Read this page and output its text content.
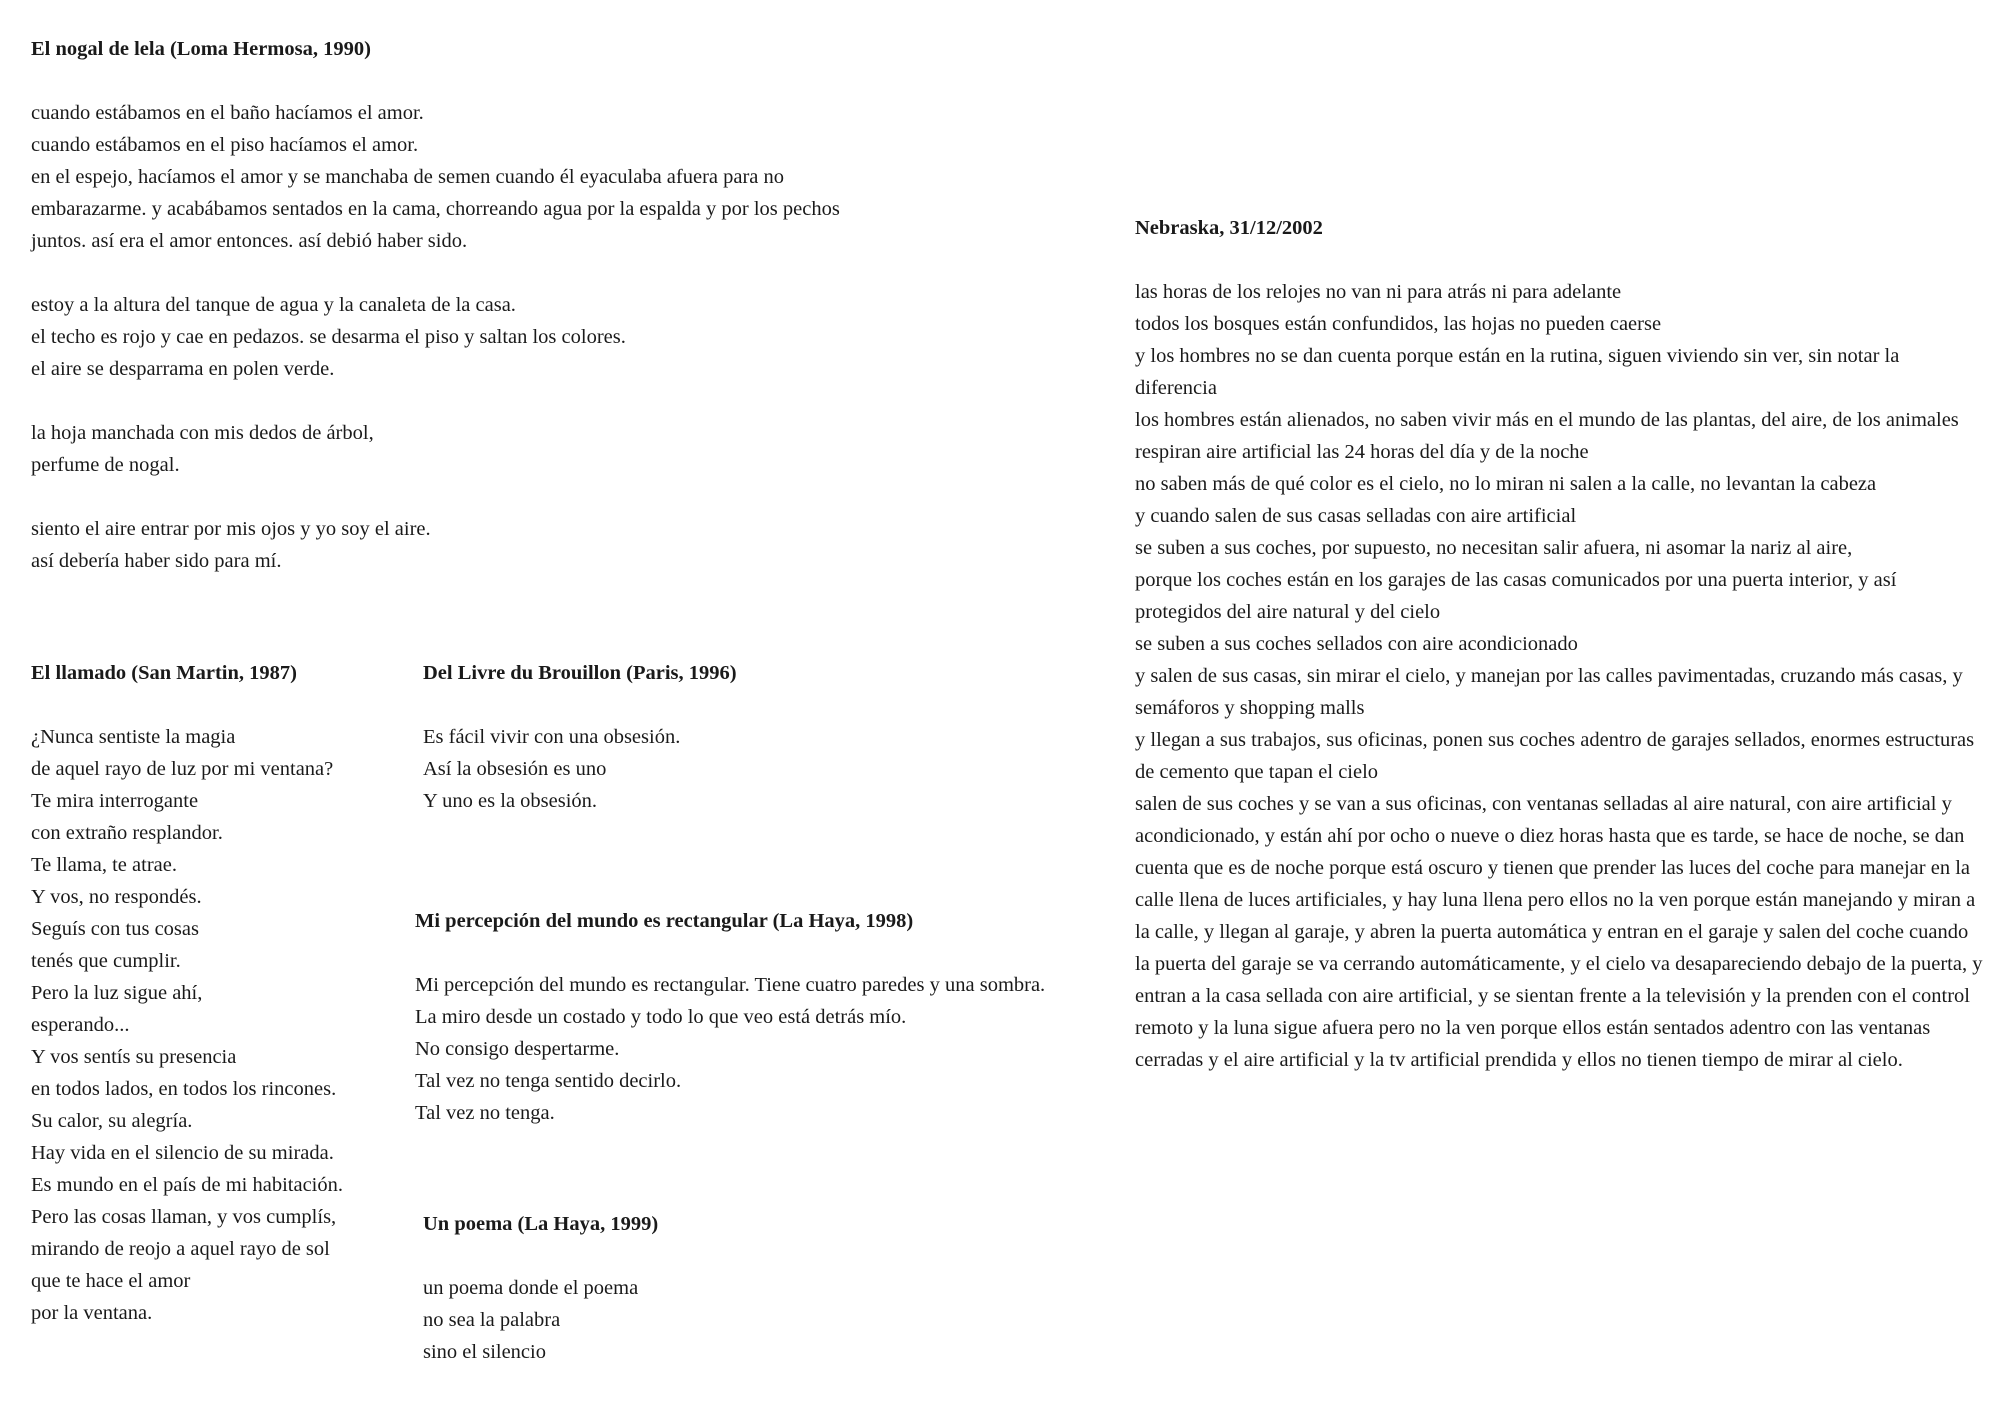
El nogal de lela (Loma Hermosa, 1990)
cuando estábamos en el baño hacíamos el amor.
cuando estábamos en el piso hacíamos el amor.
en el espejo, hacíamos el amor y se manchaba de semen cuando él eyaculaba afuera para no
embarazarme. y acabábamos sentados en la cama, chorreando agua por la espalda y por los pechos
juntos. así era el amor entonces. así debió haber sido.
estoy a la altura del tanque de agua y la canaleta de la casa.
el techo es rojo y cae en pedazos. se desarma el piso y saltan los colores.
el aire se desparrama en polen verde.
la hoja manchada con mis dedos de árbol,
perfume de nogal.
siento el aire entrar por mis ojos y yo soy el aire.
así debería haber sido para mí.
Nebraska, 31/12/2002
las horas de los relojes no van ni para atrás ni para adelante
todos los bosques están confundidos, las hojas no pueden caerse
y los hombres no se dan cuenta porque están en la rutina, siguen viviendo sin ver, sin notar la diferencia
los hombres están alienados, no saben vivir más en el mundo de las plantas, del aire, de los animales
respiran aire artificial las 24 horas del día y de la noche
no saben más de qué color es el cielo, no lo miran ni salen a la calle, no levantan la cabeza
y cuando salen de sus casas selladas con aire artificial
se suben a sus coches, por supuesto, no necesitan salir afuera, ni asomar la nariz al aire,
porque los coches están en los garajes de las casas comunicados por una puerta interior, y así protegidos del aire natural y del cielo
se suben a sus coches sellados con aire acondicionado
y salen de sus casas, sin mirar el cielo, y manejan por las calles pavimentadas, cruzando más casas, y semáforos y shopping malls
y llegan a sus trabajos, sus oficinas, ponen sus coches adentro de garajes sellados, enormes estructuras de cemento que tapan el cielo
salen de sus coches y se van a sus oficinas, con ventanas selladas al aire natural, con aire artificial y acondicionado, y están ahí por ocho o nueve o diez horas hasta que es tarde, se hace de noche, se dan cuenta que es de noche porque está oscuro y tienen que prender las luces del coche para manejar en la calle llena de luces artificiales, y hay luna llena pero ellos no la ven porque están manejando y miran a la calle, y llegan al garaje, y abren la puerta automática y entran en el garaje y salen del coche cuando la puerta del garaje se va cerrando automáticamente, y el cielo va desapareciendo debajo de la puerta, y entran a la casa sellada con aire artificial, y se sientan frente a la televisión y la prenden con el control remoto y la luna sigue afuera pero no la ven porque ellos están sentados adentro con las ventanas cerradas y el aire artificial y la tv artificial prendida y ellos no tienen tiempo de mirar al cielo.
El llamado (San Martin, 1987)
¿Nunca sentiste la magia
de aquel rayo de luz por mi ventana?
Te mira interrogante
con extraño resplandor.
Te llama, te atrae.
Y vos, no respondés.
Seguís con tus cosas
tenés que cumplir.
Pero la luz sigue ahí,
esperando...
Y vos sentís su presencia
en todos lados, en todos los rincones.
Su calor, su alegría.
Hay vida en el silencio de su mirada.
Es mundo en el país de mi habitación.
Pero las cosas llaman, y vos cumplís,
mirando de reojo a aquel rayo de sol
que te hace el amor
por la ventana.
Del Livre du Brouillon (Paris, 1996)
Es fácil vivir con una obsesión.
Así la obsesión es uno
Y uno es la obsesión.
Mi percepción del mundo es rectangular (La Haya, 1998)
Mi percepción del mundo es rectangular. Tiene cuatro paredes y una sombra.
La miro desde un costado y todo lo que veo está detrás mío.
No consigo despertarme.
Tal vez no tenga sentido decirlo.
Tal vez no tenga.
Un poema (La Haya, 1999)
un poema donde el poema
no sea la palabra
sino el silencio
